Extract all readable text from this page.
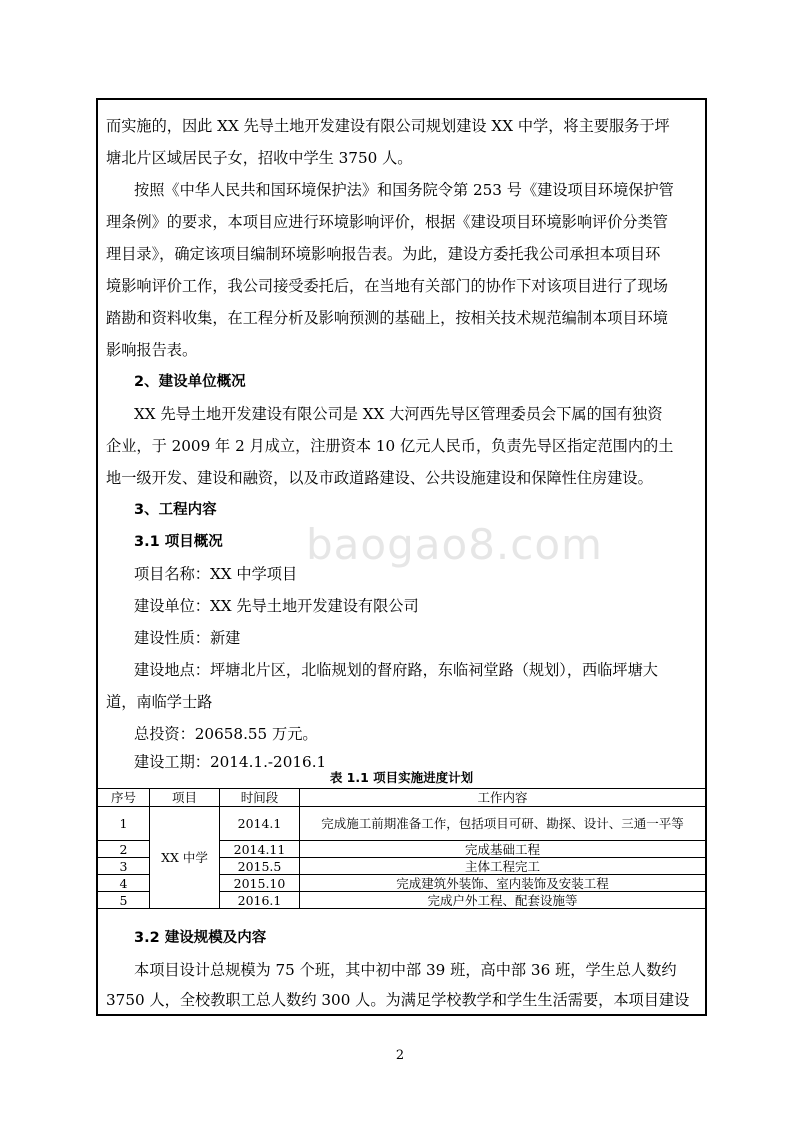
baogao8.com
而实施的，因此 XX 先导土地开发建设有限公司规划建设 XX 中学，将主要服务于坪
塘北片区域居民子女，招收中学生 3750 人。
按照《中华人民共和国环境保护法》和国务院令第 253 号《建设项目环境保护管
理条例》的要求，本项目应进行环境影响评价，根据《建设项目环境影响评价分类管
理目录》，确定该项目编制环境影响报告表。为此，建设方委托我公司承担本项目环
境影响评价工作，我公司接受委托后，在当地有关部门的协作下对该项目进行了现场
踏勘和资料收集，在工程分析及影响预测的基础上，按相关技术规范编制本项目环境
影响报告表。
2、建设单位概况
XX 先导土地开发建设有限公司是 XX 大河西先导区管理委员会下属的国有独资
企业，于 2009 年 2 月成立，注册资本 10 亿元人民币，负责先导区指定范围内的土
地一级开发、建设和融资，以及市政道路建设、公共设施建设和保障性住房建设。
3、工程内容
3.1 项目概况
项目名称：XX 中学项目
建设单位：XX 先导土地开发建设有限公司
建设性质：新建
建设地点：坪塘北片区，北临规划的督府路，东临祠堂路（规划），西临坪塘大
道，南临学士路
总投资：20658.55 万元。
建设工期：2014.1.-2016.1
表 1.1 项目实施进度计划
序号	项目	时间段	工作内容
1	XX 中学	2014.1	完成施工前期准备工作，包括项目可研、勘探、设计、三通一平等
2		2014.11	完成基础工程
3		2015.5	主体工程完工
4		2015.10	完成建筑外装饰、室内装饰及安装工程
5		2016.1	完成户外工程、配套设施等
3.2 建设规模及内容
本项目设计总规模为 75 个班，其中初中部 39 班，高中部 36 班，学生总人数约
3750 人，全校教职工总人数约 300 人。为满足学校教学和学生生活需要，本项目建设
2
